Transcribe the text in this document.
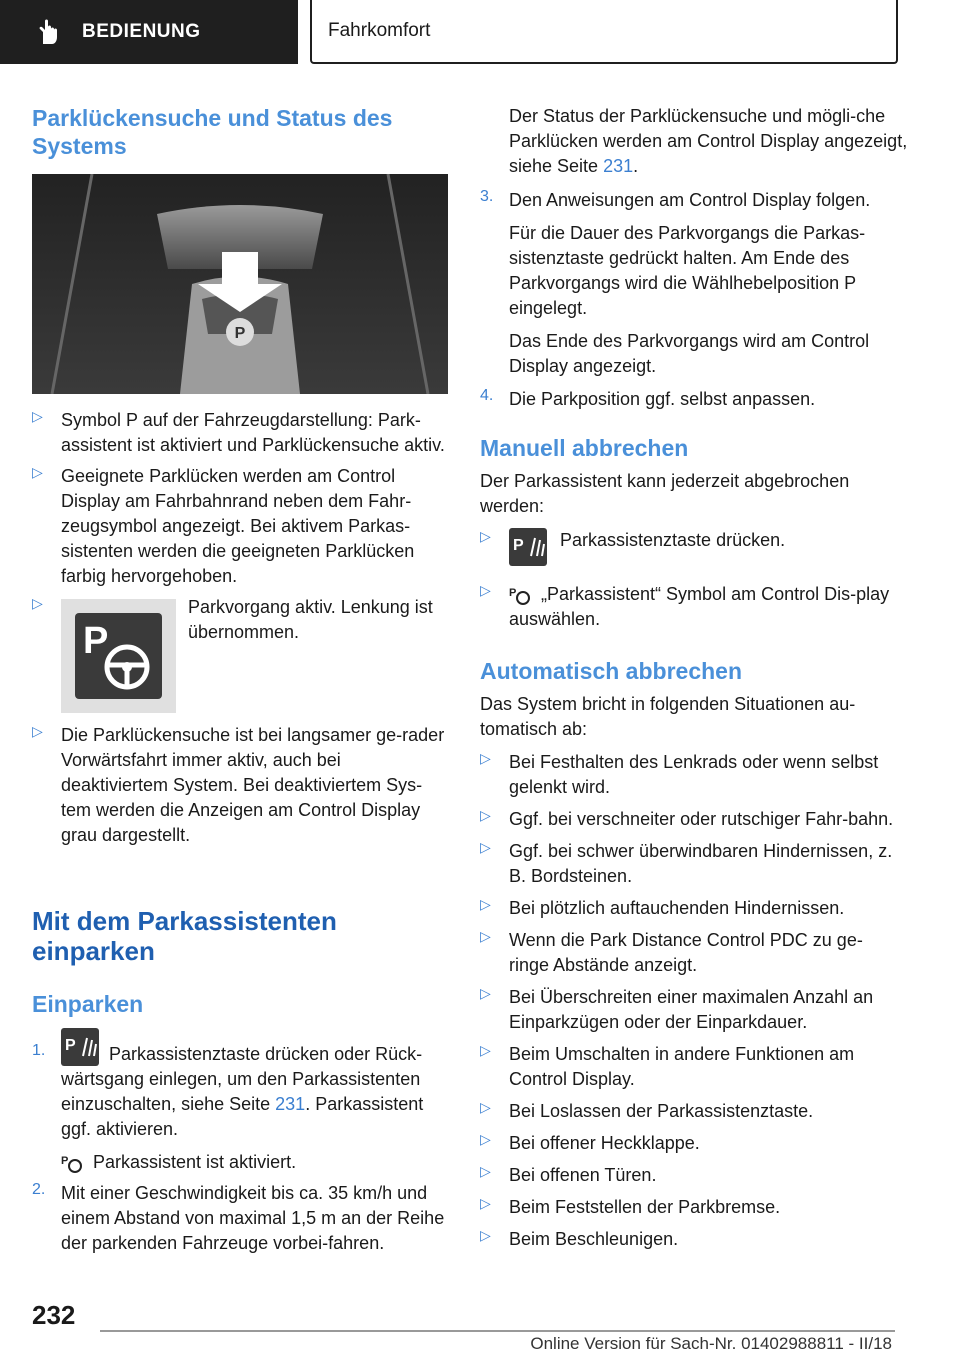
BEDIENUNG	Fahrkomfort
Parklückensuche und Status des Systems
P
▷ Symbol P auf der Fahrzeugdarstellung: Park-assistent ist aktiviert und Parklückensuche aktiv.

▷ Geeignete Parklücken werden am Control Display am Fahrbahnrand neben dem Fahr-zeugsymbol angezeigt. Bei aktivem Parkas-sistenten werden die geeigneten Parklücken farbig hervorgehoben.

▷
P

Parkvorgang aktiv. Lenkung ist übernommen.

▷ Die Parklückensuche ist bei langsamer ge-rader Vorwärtsfahrt immer aktiv, auch bei deaktiviertem System. Bei deaktiviertem Sys-tem werden die Anzeigen am Control Display grau dargestellt.

Mit dem Parkassistenten einparken
Einparken
1. P Parkassistenztaste drücken oder Rück-wärtsgang einlegen, um den Parkassistenten einzuschalten, siehe Seite 231. Parkassistent ggf. aktivieren.

P Parkassistent ist aktiviert.

2. Mit einer Geschwindigkeit bis ca. 35 km/h und einem Abstand von maximal 1,5 m an der Reihe der parkenden Fahrzeuge vorbei-fahren.

Der Status der Parklückensuche und mögli-che Parklücken werden am Control Display angezeigt, siehe Seite 231.

3. Den Anweisungen am Control Display folgen.

Für die Dauer des Parkvorgangs die Parkas-sistenztaste gedrückt halten. Am Ende des Parkvorgangs wird die Wählhebelposition P eingelegt.

Das Ende des Parkvorgangs wird am Control Display angezeigt.

4. Die Parkposition ggf. selbst anpassen.

Manuell abbrechen

Der Parkassistent kann jederzeit abgebrochen werden:

▷
P Parkassistenztaste drücken.
▷ P „Parkassistent“ Symbol am Control Dis-play auswählen.

Automatisch abbrechen

Das System bricht in folgenden Situationen au-tomatisch ab:

▷ Bei Festhalten des Lenkrads oder wenn selbst gelenkt wird.

▷ Ggf. bei verschneiter oder rutschiger Fahr-bahn.

▷ Ggf. bei schwer überwindbaren Hindernissen, z. B. Bordsteinen.

▷ Bei plötzlich auftauchenden Hindernissen.

▷ Wenn die Park Distance Control PDC zu ge-ringe Abstände anzeigt.

▷ Bei Überschreiten einer maximalen Anzahl an Einparkzügen oder der Einparkdauer.

▷ Beim Umschalten in andere Funktionen am Control Display.

▷ Bei Loslassen der Parkassistenztaste.

▷ Bei offener Heckklappe.

▷ Bei offenen Türen.

▷ Beim Feststellen der Parkbremse.

▷ Beim Beschleunigen.

232
Online Version für Sach-Nr. 01402988811 - II/18
